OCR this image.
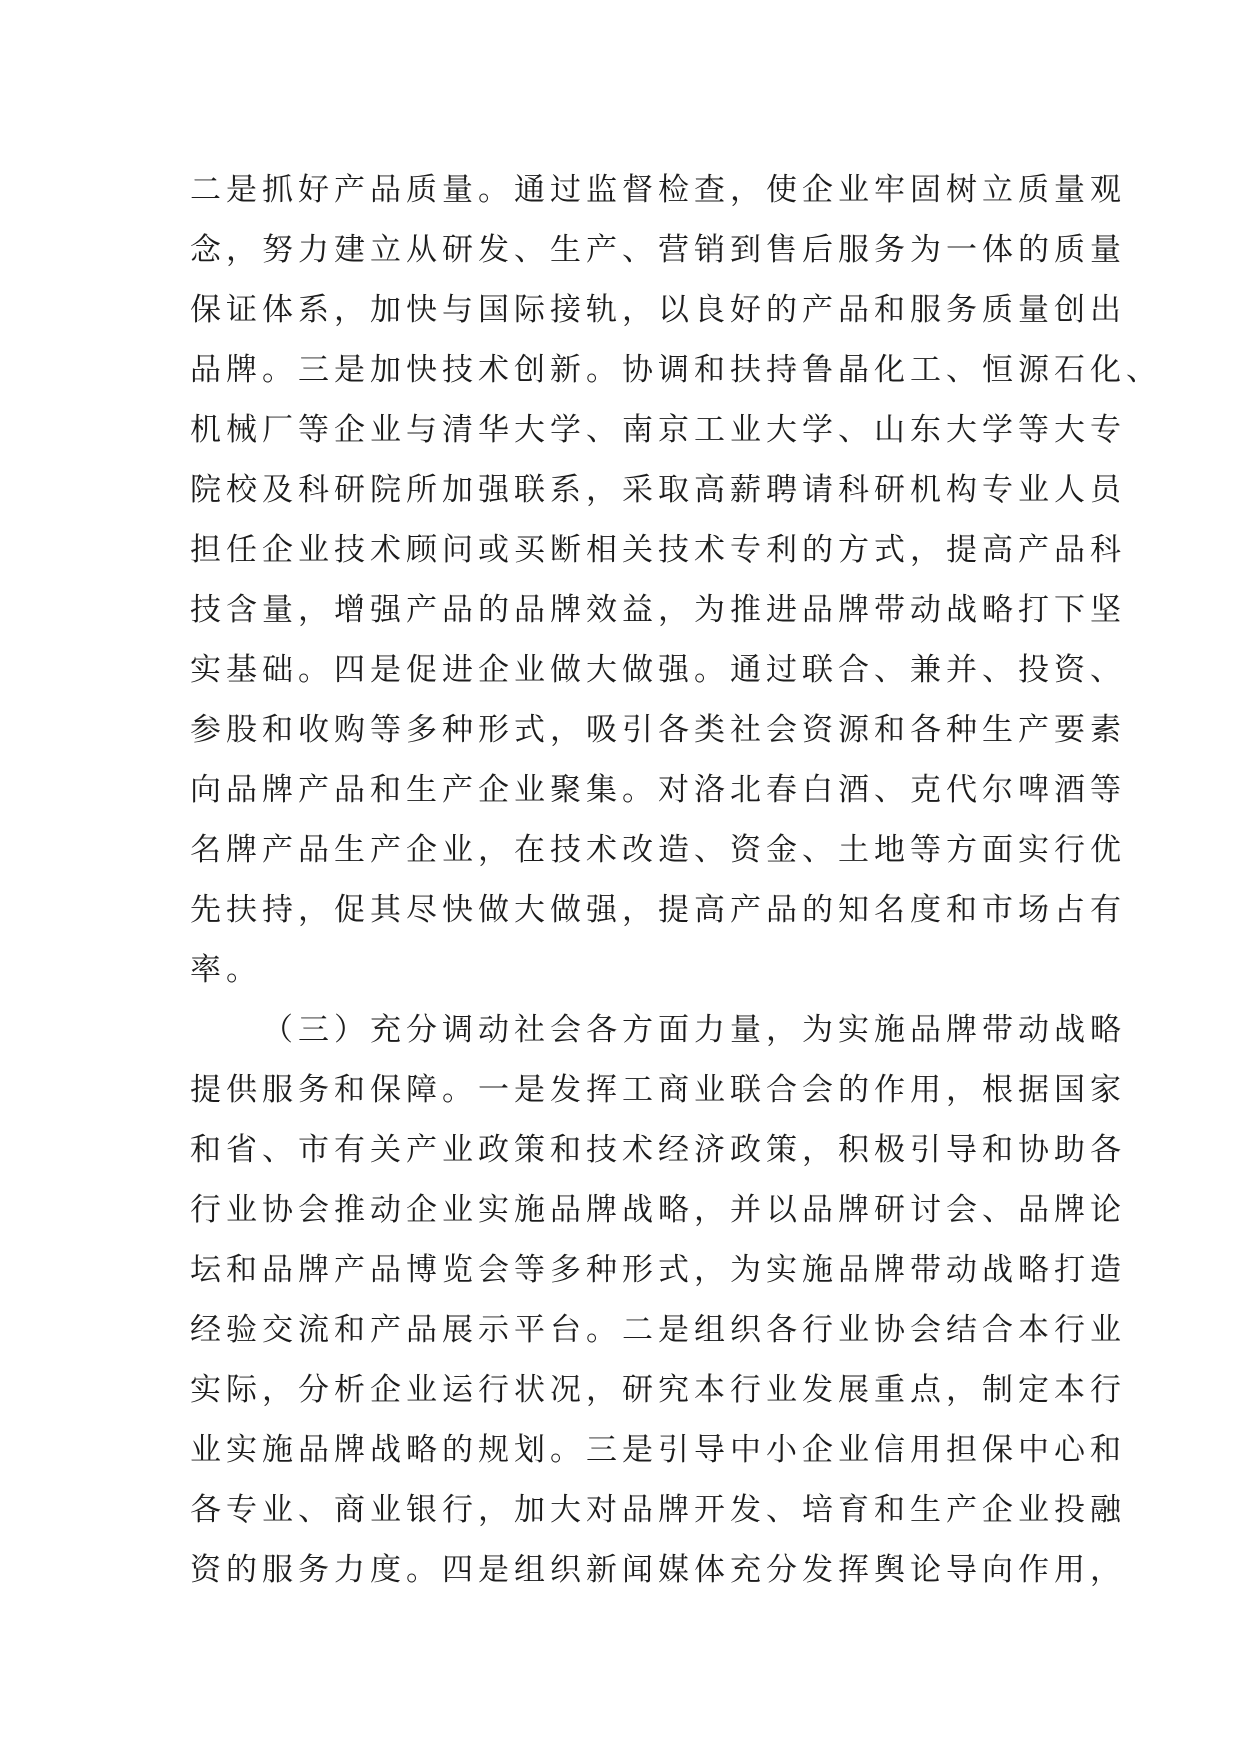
二是抓好产品质量。通过监督检查，使企业牢固树立质量观
念，努力建立从研发、生产、营销到售后服务为一体的质量
保证体系，加快与国际接轨，以良好的产品和服务质量创出
品牌。三是加快技术创新。协调和扶持鲁晶化工、恒源石化、
机械厂等企业与清华大学、南京工业大学、山东大学等大专
院校及科研院所加强联系，采取高薪聘请科研机构专业人员
担任企业技术顾问或买断相关技术专利的方式，提高产品科
技含量，增强产品的品牌效益，为推进品牌带动战略打下坚
实基础。四是促进企业做大做强。通过联合、兼并、投资、
参股和收购等多种形式，吸引各类社会资源和各种生产要素
向品牌产品和生产企业聚集。对洛北春白酒、克代尔啤酒等
名牌产品生产企业，在技术改造、资金、土地等方面实行优
先扶持，促其尽快做大做强，提高产品的知名度和市场占有
率。
（三）充分调动社会各方面力量，为实施品牌带动战略
提供服务和保障。一是发挥工商业联合会的作用，根据国家
和省、市有关产业政策和技术经济政策，积极引导和协助各
行业协会推动企业实施品牌战略，并以品牌研讨会、品牌论
坛和品牌产品博览会等多种形式，为实施品牌带动战略打造
经验交流和产品展示平台。二是组织各行业协会结合本行业
实际，分析企业运行状况，研究本行业发展重点，制定本行
业实施品牌战略的规划。三是引导中小企业信用担保中心和
各专业、商业银行，加大对品牌开发、培育和生产企业投融
资的服务力度。四是组织新闻媒体充分发挥舆论导向作用，
